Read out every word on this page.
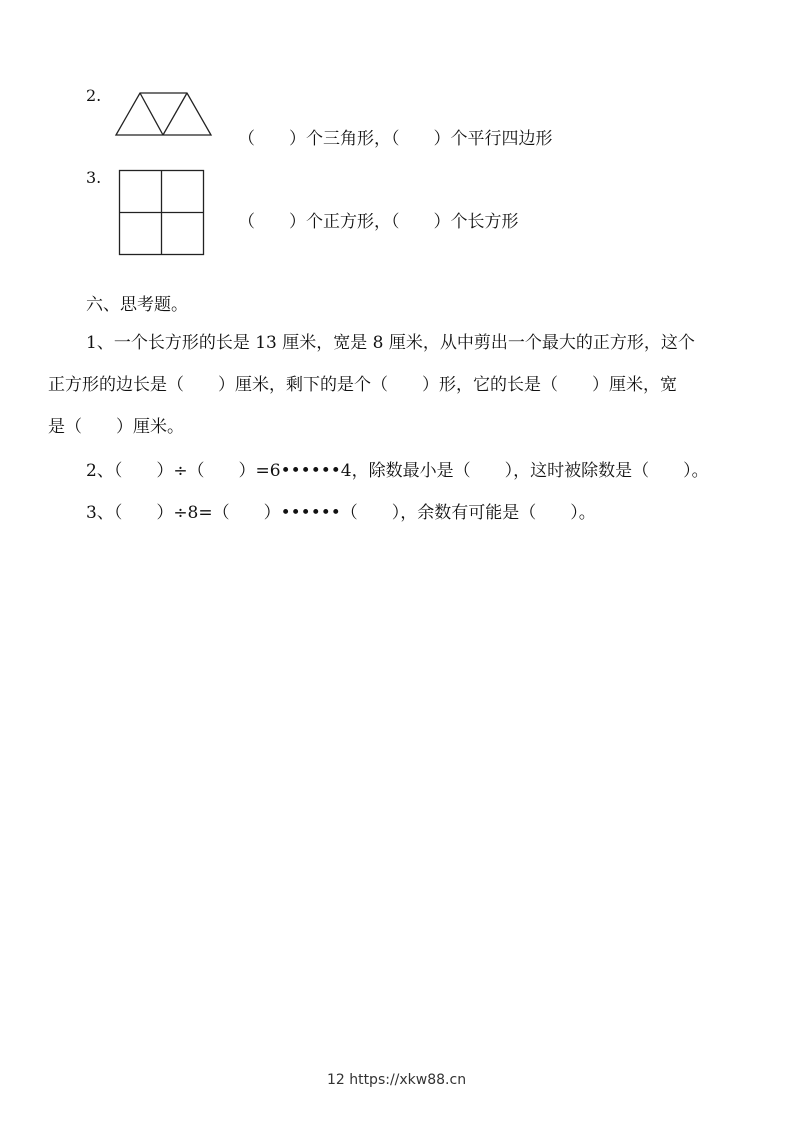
2.
（　　）个三角形，（　　）个平行四边形
3.
（　　）个正方形，（　　）个长方形
六、思考题。
1、一个长方形的长是 13 厘米，宽是 8 厘米，从中剪出一个最大的正方形，这个
正方形的边长是（　　）厘米，剩下的是个（　　）形，它的长是（　　）厘米，宽
是（　　）厘米。
2、（　　）÷（　　）=6••••••4，除数最小是（　　），这时被除数是（　　）。
3、（　　）÷8=（　　）••••••（　　），余数有可能是（　　）。
12 https://xkw88.cn
